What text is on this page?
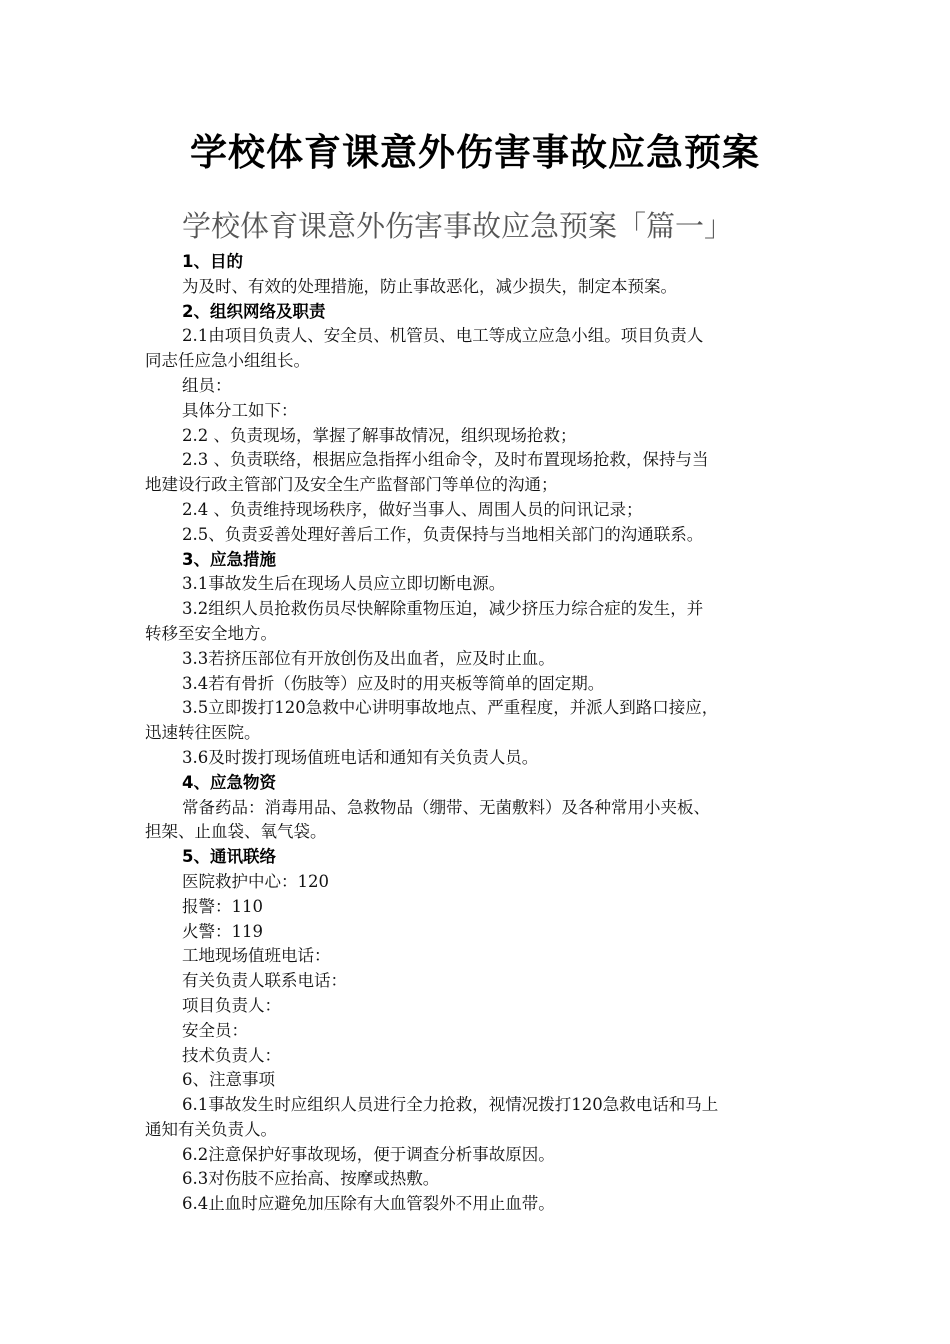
学校体育课意外伤害事故应急预案
学校体育课意外伤害事故应急预案「篇一」
1、目的
为及时、有效的处理措施，防止事故恶化，减少损失，制定本预案。
2、组织网络及职责
2.1由项目负责人、安全员、机管员、电工等成立应急小组。项目负责人
同志任应急小组组长。
组员：
具体分工如下：
2.2 、负责现场，掌握了解事故情况，组织现场抢救；
2.3 、负责联络，根据应急指挥小组命令，及时布置现场抢救，保持与当
地建设行政主管部门及安全生产监督部门等单位的沟通；
2.4 、负责维持现场秩序，做好当事人、周围人员的问讯记录；
2.5、负责妥善处理好善后工作，负责保持与当地相关部门的沟通联系。
3、应急措施
3.1事故发生后在现场人员应立即切断电源。
3.2组织人员抢救伤员尽快解除重物压迫，减少挤压力综合症的发生，并
转移至安全地方。
3.3若挤压部位有开放创伤及出血者，应及时止血。
3.4若有骨折（伤肢等）应及时的用夹板等简单的固定期。
3.5立即拨打120急救中心讲明事故地点、严重程度，并派人到路口接应，
迅速转往医院。
3.6及时拨打现场值班电话和通知有关负责人员。
4、应急物资
常备药品：消毒用品、急救物品（绷带、无菌敷料）及各种常用小夹板、
担架、止血袋、氧气袋。
5、通讯联络
医院救护中心：120
报警：110
火警：119
工地现场值班电话：
有关负责人联系电话：
项目负责人：
安全员：
技术负责人：
6、注意事项
6.1事故发生时应组织人员进行全力抢救，视情况拨打120急救电话和马上
通知有关负责人。
6.2注意保护好事故现场，便于调查分析事故原因。
6.3对伤肢不应抬高、按摩或热敷。
6.4止血时应避免加压除有大血管裂外不用止血带。
